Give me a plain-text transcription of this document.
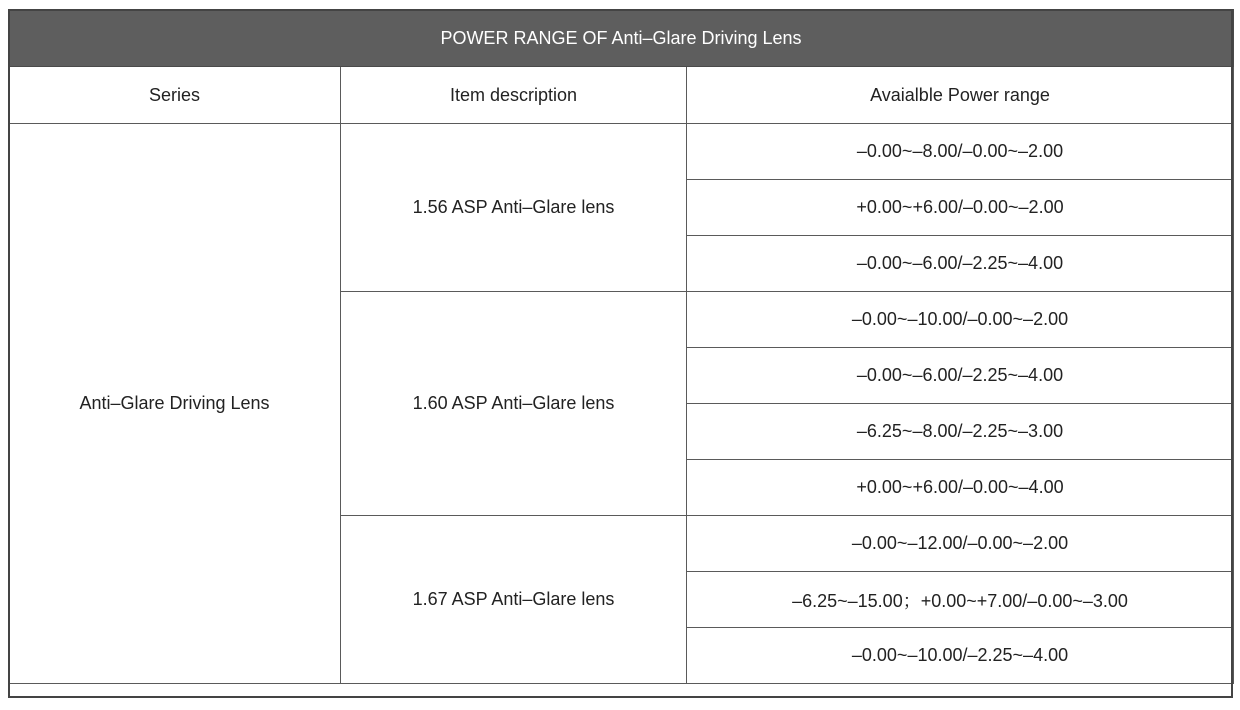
POWER RANGE OF Anti–Glare Driving Lens		
Series	Item description	Avaialble Power range
Anti–Glare Driving Lens	1.56 ASP Anti–Glare lens	–0.00~–8.00/–0.00~–2.00
		+0.00~+6.00/–0.00~–2.00
		–0.00~–6.00/–2.25~–4.00
	1.60 ASP Anti–Glare lens	–0.00~–10.00/–0.00~–2.00
		–0.00~–6.00/–2.25~–4.00
		–6.25~–8.00/–2.25~–3.00
		+0.00~+6.00/–0.00~–4.00
	1.67 ASP Anti–Glare lens	–0.00~–12.00/–0.00~–2.00
		–6.25~–15.00；+0.00~+7.00/–0.00~–3.00
		–0.00~–10.00/–2.25~–4.00
